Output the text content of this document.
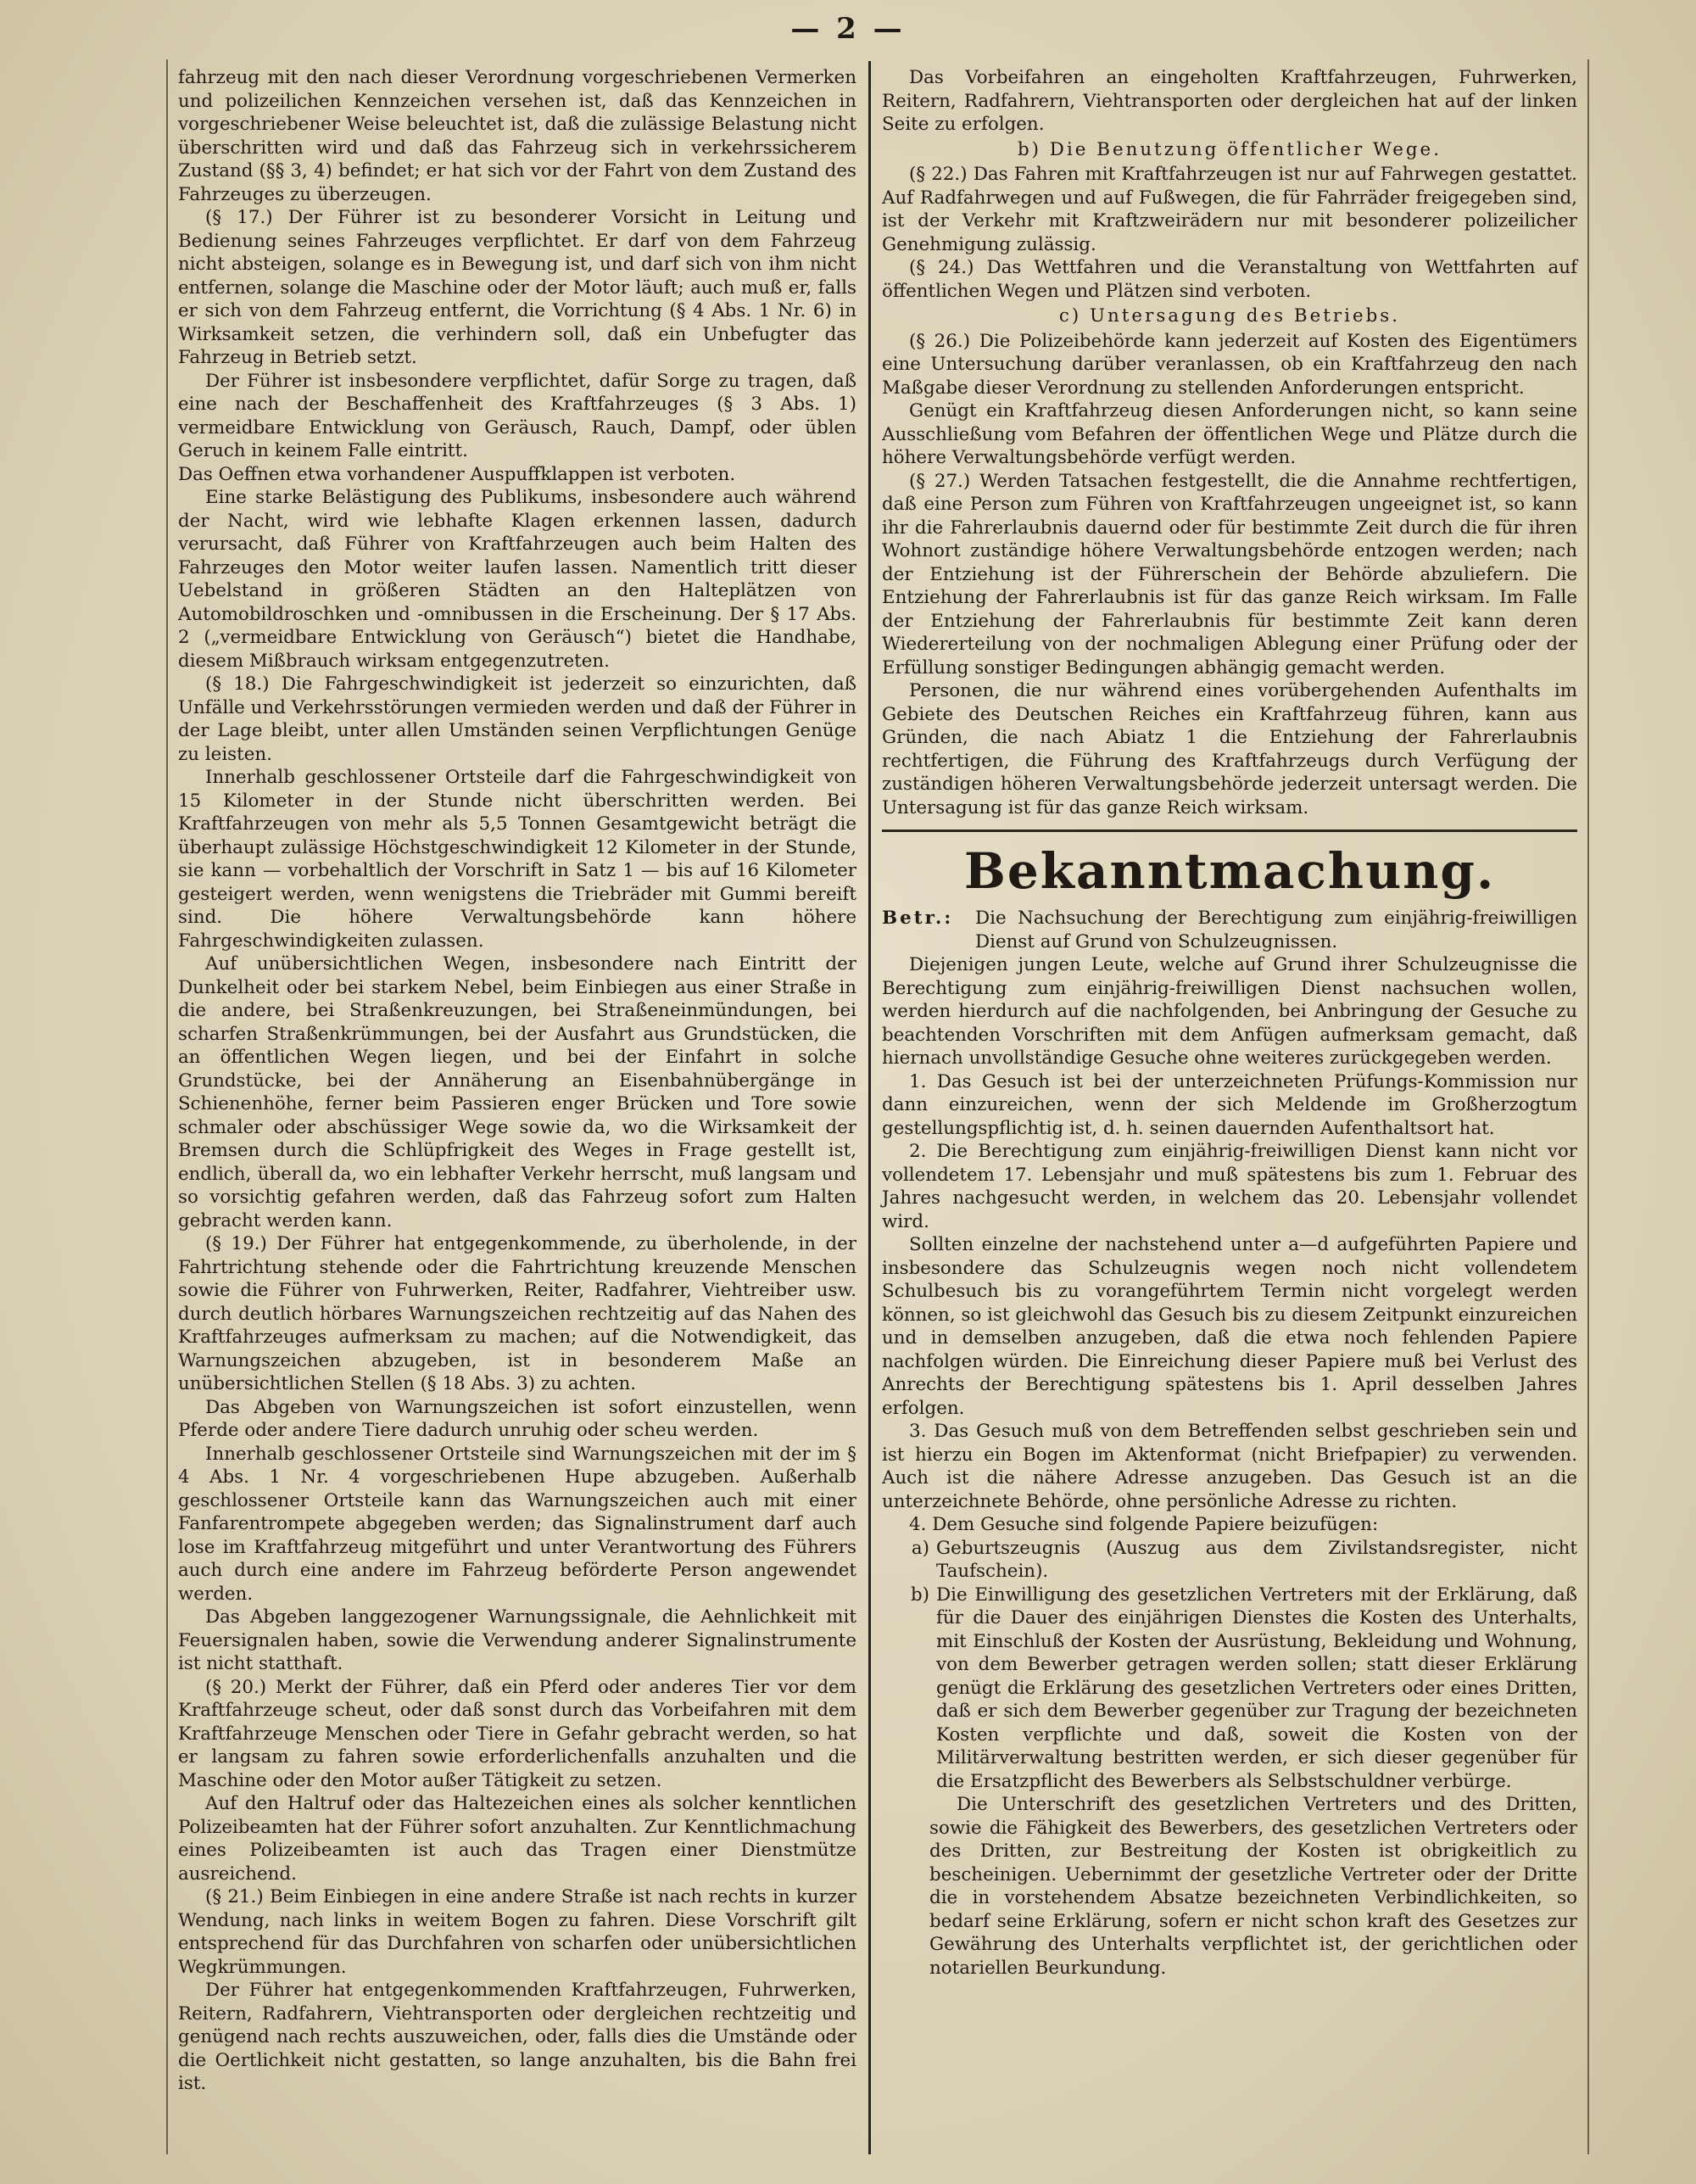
— 2 —

fahrzeug mit den nach dieser Verordnung vorgeschriebenen Vermerken und polizeilichen Kennzeichen versehen ist, daß das Kennzeichen in vorgeschriebener Weise beleuchtet ist, daß die zulässige Belastung nicht überschritten wird und daß das Fahrzeug sich in verkehrssicherem Zustand (§§ 3, 4) befindet; er hat sich vor der Fahrt von dem Zustand des Fahrzeuges zu überzeugen.

(§ 17.) Der Führer ist zu besonderer Vorsicht in Leitung und Bedienung seines Fahrzeuges verpflichtet. Er darf von dem Fahrzeug nicht absteigen, solange es in Bewegung ist, und darf sich von ihm nicht entfernen, solange die Maschine oder der Motor läuft; auch muß er, falls er sich von dem Fahrzeug entfernt, die Vorrichtung (§ 4 Abs. 1 Nr. 6) in Wirksamkeit setzen, die verhindern soll, daß ein Unbefugter das Fahrzeug in Betrieb setzt.

Der Führer ist insbesondere verpflichtet, dafür Sorge zu tragen, daß eine nach der Beschaffenheit des Kraftfahrzeuges (§ 3 Abs. 1) vermeidbare Entwicklung von Geräusch, Rauch, Dampf, oder üblen Geruch in keinem Falle eintritt.

Das Oeffnen etwa vorhandener Auspuffklappen ist verboten.

Eine starke Belästigung des Publikums, insbesondere auch während der Nacht, wird wie lebhafte Klagen erkennen lassen, dadurch verursacht, daß Führer von Kraftfahrzeugen auch beim Halten des Fahrzeuges den Motor weiter laufen lassen. Namentlich tritt dieser Uebelstand in größeren Städten an den Halteplätzen von Automobildroschken und -omnibussen in die Erscheinung. Der § 17 Abs. 2 („vermeidbare Entwicklung von Geräusch“) bietet die Handhabe, diesem Mißbrauch wirksam entgegenzutreten.

(§ 18.) Die Fahrgeschwindigkeit ist jederzeit so einzurichten, daß Unfälle und Verkehrsstörungen vermieden werden und daß der Führer in der Lage bleibt, unter allen Umständen seinen Verpflichtungen Genüge zu leisten.

Innerhalb geschlossener Ortsteile darf die Fahrgeschwindigkeit von 15 Kilometer in der Stunde nicht überschritten werden. Bei Kraftfahrzeugen von mehr als 5,5 Tonnen Gesamtgewicht beträgt die überhaupt zulässige Höchstgeschwindigkeit 12 Kilometer in der Stunde, sie kann — vorbehaltlich der Vorschrift in Satz 1 — bis auf 16 Kilometer gesteigert werden, wenn wenigstens die Triebräder mit Gummi bereift sind. Die höhere Verwaltungsbehörde kann höhere Fahrgeschwindigkeiten zulassen.

Auf unübersichtlichen Wegen, insbesondere nach Eintritt der Dunkelheit oder bei starkem Nebel, beim Einbiegen aus einer Straße in die andere, bei Straßenkreuzungen, bei Straßeneinmündungen, bei scharfen Straßenkrümmungen, bei der Ausfahrt aus Grundstücken, die an öffentlichen Wegen liegen, und bei der Einfahrt in solche Grundstücke, bei der Annäherung an Eisenbahnübergänge in Schienenhöhe, ferner beim Passieren enger Brücken und Tore sowie schmaler oder abschüssiger Wege sowie da, wo die Wirksamkeit der Bremsen durch die Schlüpfrigkeit des Weges in Frage gestellt ist, endlich, überall da, wo ein lebhafter Verkehr herrscht, muß langsam und so vorsichtig gefahren werden, daß das Fahrzeug sofort zum Halten gebracht werden kann.

(§ 19.) Der Führer hat entgegenkommende, zu überholende, in der Fahrtrichtung stehende oder die Fahrtrichtung kreuzende Menschen sowie die Führer von Fuhrwerken, Reiter, Radfahrer, Viehtreiber usw. durch deutlich hörbares Warnungszeichen rechtzeitig auf das Nahen des Kraftfahrzeuges aufmerksam zu machen; auf die Notwendigkeit, das Warnungszeichen abzugeben, ist in besonderem Maße an unübersichtlichen Stellen (§ 18 Abs. 3) zu achten.

Das Abgeben von Warnungszeichen ist sofort einzustellen, wenn Pferde oder andere Tiere dadurch unruhig oder scheu werden.

Innerhalb geschlossener Ortsteile sind Warnungszeichen mit der im § 4 Abs. 1 Nr. 4 vorgeschriebenen Hupe abzugeben. Außerhalb geschlossener Ortsteile kann das Warnungszeichen auch mit einer Fanfarentrompete abgegeben werden; das Signalinstrument darf auch lose im Kraftfahrzeug mitgeführt und unter Verantwortung des Führers auch durch eine andere im Fahrzeug beförderte Person angewendet werden.

Das Abgeben langgezogener Warnungssignale, die Aehnlichkeit mit Feuersignalen haben, sowie die Verwendung anderer Signalinstrumente ist nicht statthaft.

(§ 20.) Merkt der Führer, daß ein Pferd oder anderes Tier vor dem Kraftfahrzeuge scheut, oder daß sonst durch das Vorbeifahren mit dem Kraftfahrzeuge Menschen oder Tiere in Gefahr gebracht werden, so hat er langsam zu fahren sowie erforderlichenfalls anzuhalten und die Maschine oder den Motor außer Tätigkeit zu setzen.

Auf den Haltruf oder das Haltezeichen eines als solcher kenntlichen Polizeibeamten hat der Führer sofort anzuhalten. Zur Kenntlichmachung eines Polizeibeamten ist auch das Tragen einer Dienstmütze ausreichend.

(§ 21.) Beim Einbiegen in eine andere Straße ist nach rechts in kurzer Wendung, nach links in weitem Bogen zu fahren. Diese Vorschrift gilt entsprechend für das Durchfahren von scharfen oder unübersichtlichen Wegkrümmungen.

Der Führer hat entgegenkommenden Kraftfahrzeugen, Fuhrwerken, Reitern, Radfahrern, Viehtransporten oder dergleichen rechtzeitig und genügend nach rechts auszuweichen, oder, falls dies die Umstände oder die Oertlichkeit nicht gestatten, so lange anzuhalten, bis die Bahn frei ist.

Das Vorbeifahren an eingeholten Kraftfahrzeugen, Fuhrwerken, Reitern, Radfahrern, Viehtransporten oder dergleichen hat auf der linken Seite zu erfolgen.

b) Die Benutzung öffentlicher Wege.

(§ 22.) Das Fahren mit Kraftfahrzeugen ist nur auf Fahrwegen gestattet. Auf Radfahrwegen und auf Fußwegen, die für Fahrräder freigegeben sind, ist der Verkehr mit Kraftzweirädern nur mit besonderer polizeilicher Genehmigung zulässig.

(§ 24.) Das Wettfahren und die Veranstaltung von Wettfahrten auf öffentlichen Wegen und Plätzen sind verboten.

c) Untersagung des Betriebs.

(§ 26.) Die Polizeibehörde kann jederzeit auf Kosten des Eigentümers eine Untersuchung darüber veranlassen, ob ein Kraftfahrzeug den nach Maßgabe dieser Verordnung zu stellenden Anforderungen entspricht.

Genügt ein Kraftfahrzeug diesen Anforderungen nicht, so kann seine Ausschließung vom Befahren der öffentlichen Wege und Plätze durch die höhere Verwaltungsbehörde verfügt werden.

(§ 27.) Werden Tatsachen festgestellt, die die Annahme rechtfertigen, daß eine Person zum Führen von Kraftfahrzeugen ungeeignet ist, so kann ihr die Fahrerlaubnis dauernd oder für bestimmte Zeit durch die für ihren Wohnort zuständige höhere Verwaltungsbehörde entzogen werden; nach der Entziehung ist der Führerschein der Behörde abzuliefern. Die Entziehung der Fahrerlaubnis ist für das ganze Reich wirksam. Im Falle der Entziehung der Fahrerlaubnis für bestimmte Zeit kann deren Wiedererteilung von der nochmaligen Ablegung einer Prüfung oder der Erfüllung sonstiger Bedingungen abhängig gemacht werden.

Personen, die nur während eines vorübergehenden Aufenthalts im Gebiete des Deutschen Reiches ein Kraftfahrzeug führen, kann aus Gründen, die nach Abiatz 1 die Entziehung der Fahrerlaubnis rechtfertigen, die Führung des Kraftfahrzeugs durch Verfügung der zuständigen höheren Verwaltungsbehörde jederzeit untersagt werden. Die Untersagung ist für das ganze Reich wirksam.

Bekanntmachung.
Betr.:	Die Nachsuchung der Berechtigung zum einjährig-freiwilligen Dienst auf Grund von Schulzeugnissen.

Diejenigen jungen Leute, welche auf Grund ihrer Schulzeugnisse die Berechtigung zum einjährig-freiwilligen Dienst nachsuchen wollen, werden hierdurch auf die nachfolgenden, bei Anbringung der Gesuche zu beachtenden Vorschriften mit dem Anfügen aufmerksam gemacht, daß hiernach unvollständige Gesuche ohne weiteres zurückgegeben werden.

1. Das Gesuch ist bei der unterzeichneten Prüfungs-Kommission nur dann einzureichen, wenn der sich Meldende im Großherzogtum gestellungspflichtig ist, d. h. seinen dauernden Aufenthaltsort hat.

2. Die Berechtigung zum einjährig-freiwilligen Dienst kann nicht vor vollendetem 17. Lebensjahr und muß spätestens bis zum 1. Februar des Jahres nachgesucht werden, in welchem das 20. Lebensjahr vollendet wird.

Sollten einzelne der nachstehend unter a—d aufgeführten Papiere und insbesondere das Schulzeugnis wegen noch nicht vollendetem Schulbesuch bis zu vorangeführtem Termin nicht vorgelegt werden können, so ist gleichwohl das Gesuch bis zu diesem Zeitpunkt einzureichen und in demselben anzugeben, daß die etwa noch fehlenden Papiere nachfolgen würden. Die Einreichung dieser Papiere muß bei Verlust des Anrechts der Berechtigung spätestens bis 1. April desselben Jahres erfolgen.

3. Das Gesuch muß von dem Betreffenden selbst geschrieben sein und ist hierzu ein Bogen im Aktenformat (nicht Briefpapier) zu verwenden. Auch ist die nähere Adresse anzugeben. Das Gesuch ist an die unterzeichnete Behörde, ohne persönliche Adresse zu richten.

4. Dem Gesuche sind folgende Papiere beizufügen:

a) Geburtszeugnis (Auszug aus dem Zivilstandsregister, nicht Taufschein).
b) Die Einwilligung des gesetzlichen Vertreters mit der Erklärung, daß für die Dauer des einjährigen Dienstes die Kosten des Unterhalts, mit Einschluß der Kosten der Ausrüstung, Bekleidung und Wohnung, von dem Bewerber getragen werden sollen; statt dieser Erklärung genügt die Erklärung des gesetzlichen Vertreters oder eines Dritten, daß er sich dem Bewerber gegenüber zur Tragung der bezeichneten Kosten verpflichte und daß, soweit die Kosten von der Militärverwaltung bestritten werden, er sich dieser gegenüber für die Ersatzpflicht des Bewerbers als Selbstschuldner verbürge.

Die Unterschrift des gesetzlichen Vertreters und des Dritten, sowie die Fähigkeit des Bewerbers, des gesetzlichen Vertreters oder des Dritten, zur Bestreitung der Kosten ist obrigkeitlich zu bescheinigen. Uebernimmt der gesetzliche Vertreter oder der Dritte die in vorstehendem Absatze bezeichneten Verbindlichkeiten, so bedarf seine Erklärung, sofern er nicht schon kraft des Gesetzes zur Gewährung des Unterhalts verpflichtet ist, der gerichtlichen oder notariellen Beurkundung.
